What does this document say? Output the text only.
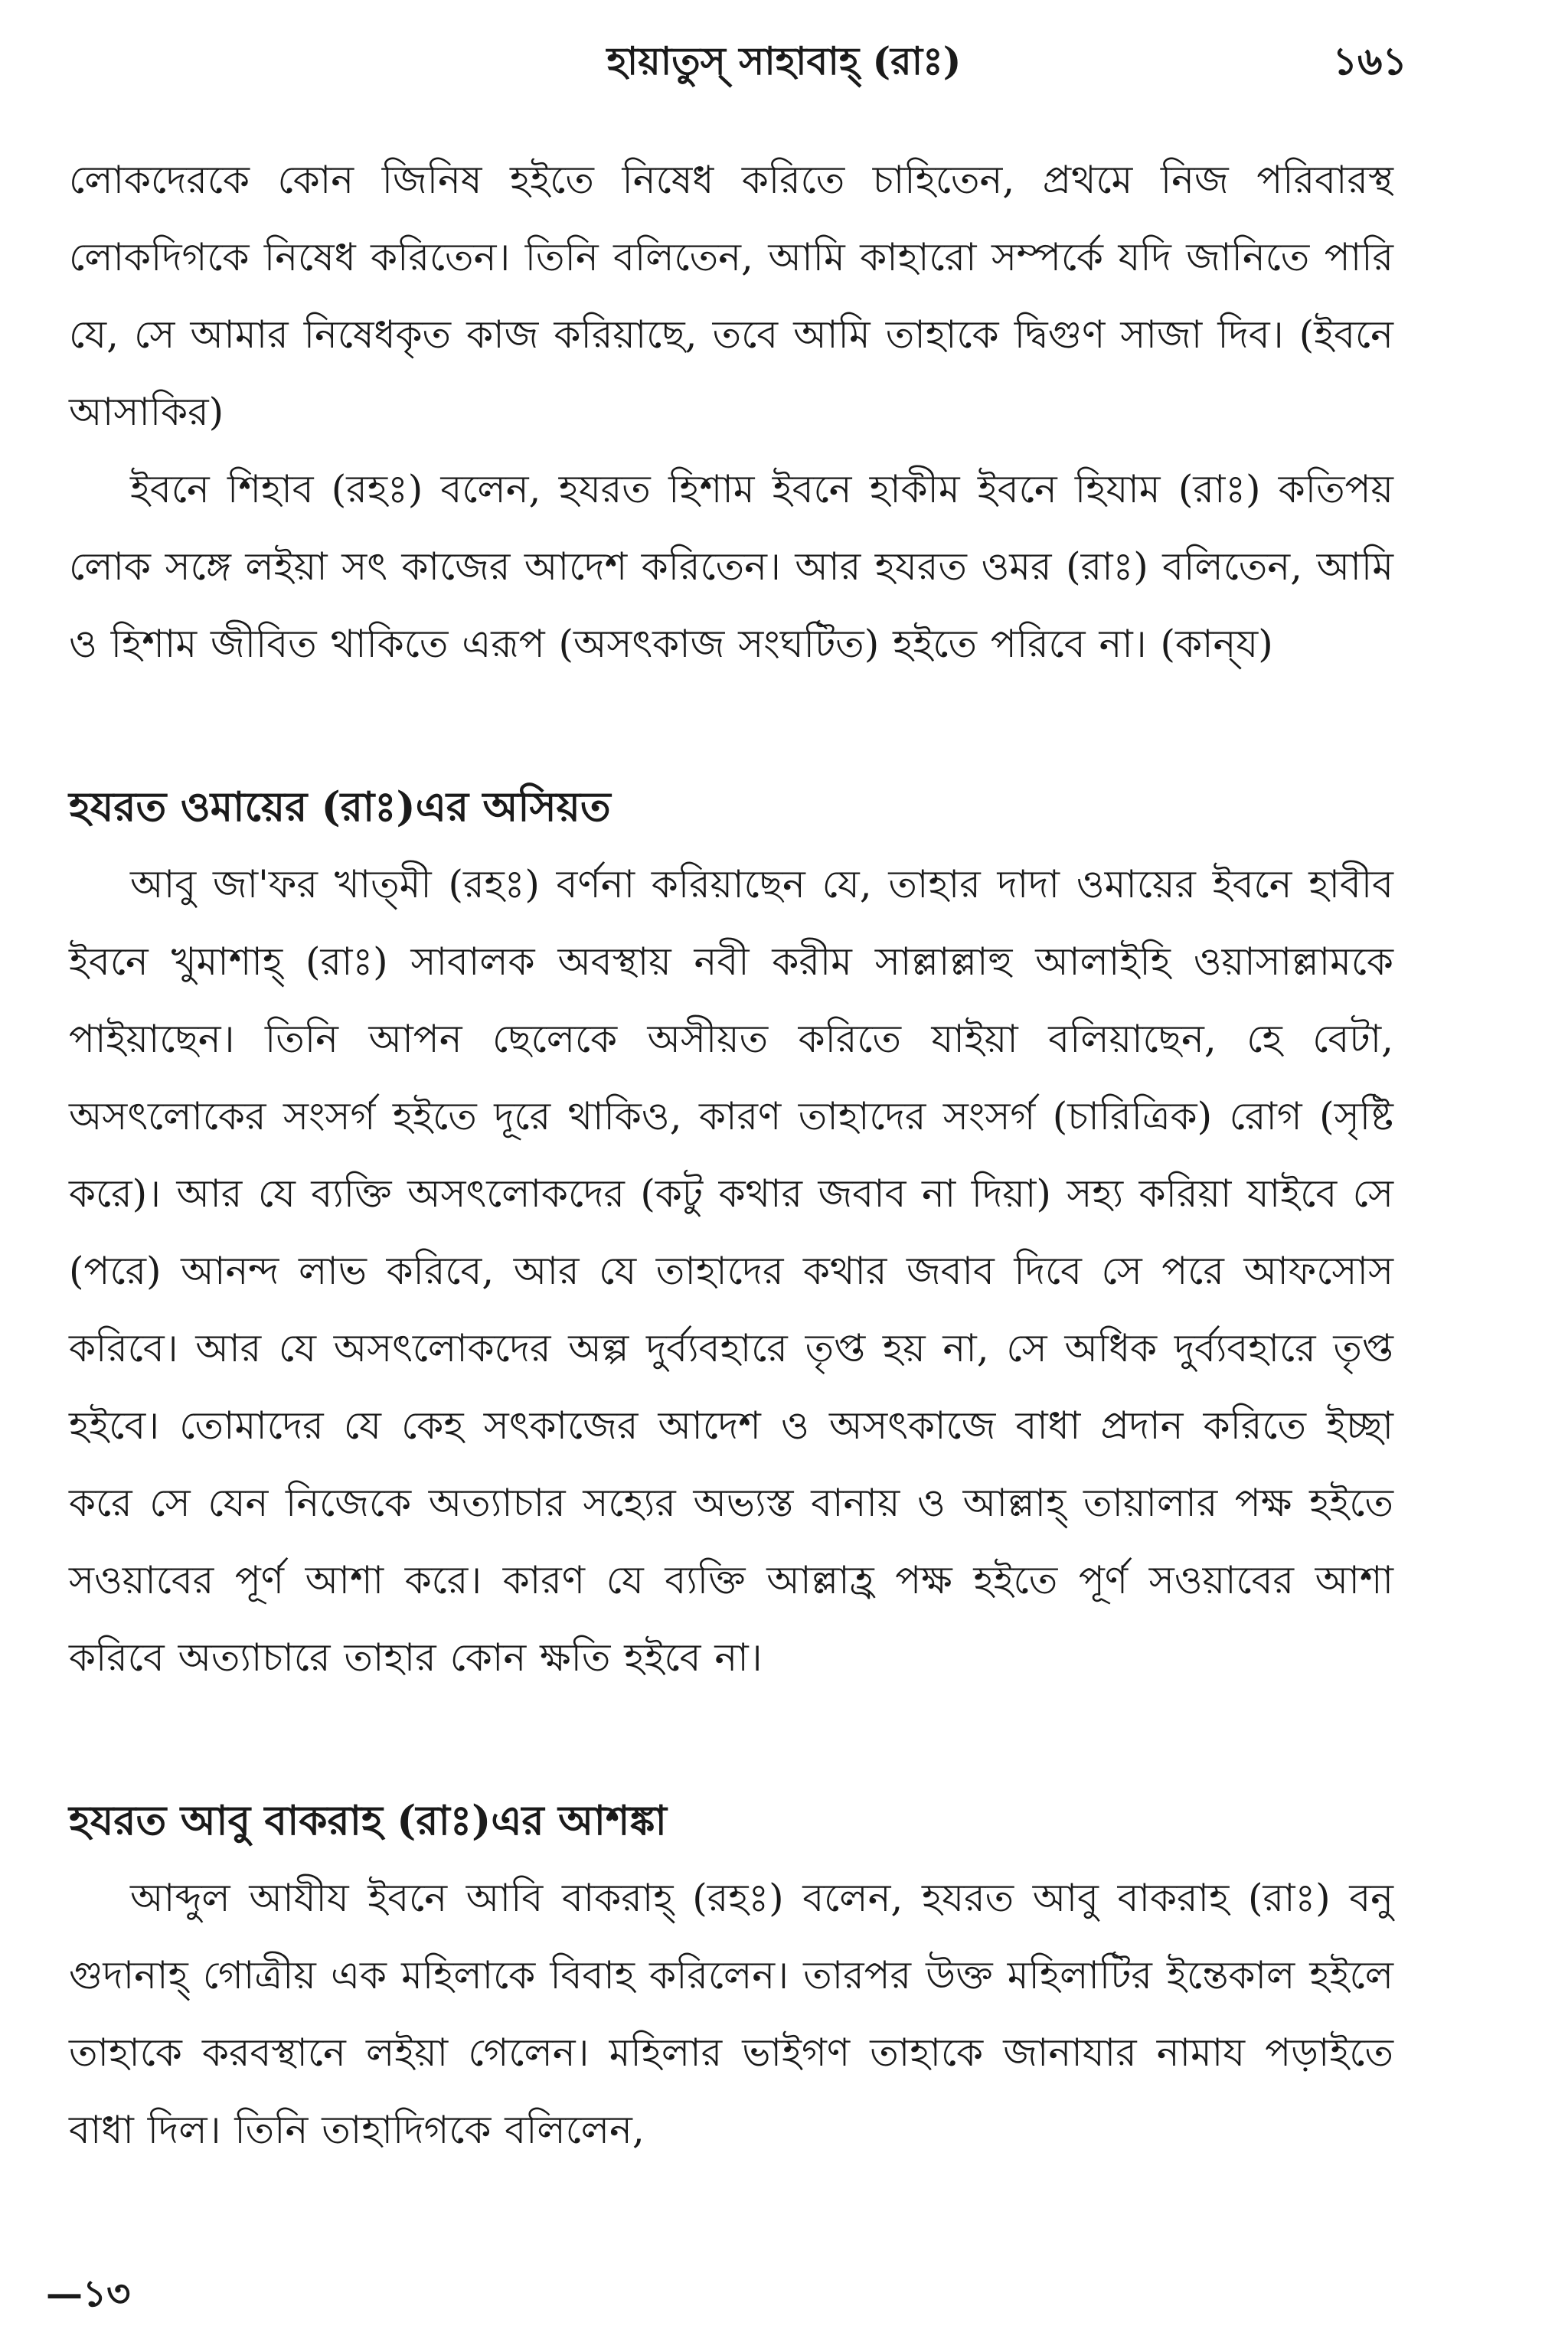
হায়াতুস্ সাহাবাহ্ (রাঃ)	১৬১

লোকদেরকে কোন জিনিষ হইতে নিষেধ করিতে চাহিতেন, প্রথমে নিজ পরিবারস্থ লোকদিগকে নিষেধ করিতেন। তিনি বলিতেন, আমি কাহারো সম্পর্কে যদি জানিতে পারি যে, সে আমার নিষেধকৃত কাজ করিয়াছে, তবে আমি তাহাকে দ্বিগুণ সাজা দিব। (ইবনে আসাকির)

ইবনে শিহাব (রহঃ) বলেন, হযরত হিশাম ইবনে হাকীম ইবনে হিযাম (রাঃ) কতিপয় লোক সঙ্গে লইয়া সৎ কাজের আদেশ করিতেন। আর হযরত ওমর (রাঃ) বলিতেন, আমি ও হিশাম জীবিত থাকিতে এরূপ (অসৎকাজ সংঘটিত) হইতে পরিবে না। (কান্‌য)

হযরত ওমায়ের (রাঃ)এর অসিয়ত

আবু জা'ফর খাত্‌মী (রহঃ) বর্ণনা করিয়াছেন যে, তাহার দাদা ওমায়ের ইবনে হাবীব ইবনে খুমাশাহ্ (রাঃ) সাবালক অবস্থায় নবী করীম সাল্লাল্লাহু আলাইহি ওয়াসাল্লামকে পাইয়াছেন। তিনি আপন ছেলেকে অসীয়ত করিতে যাইয়া বলিয়াছেন, হে বেটা, অসৎলোকের সংসর্গ হইতে দূরে থাকিও, কারণ তাহাদের সংসর্গ (চারিত্রিক) রোগ (সৃষ্টি করে)। আর যে ব্যক্তি অসৎলোকদের (কটু কথার জবাব না দিয়া) সহ্য করিয়া যাইবে সে (পরে) আনন্দ লাভ করিবে, আর যে তাহাদের কথার জবাব দিবে সে পরে আফসোস করিবে। আর যে অসৎলোকদের অল্প দুর্ব্যবহারে তৃপ্ত হয় না, সে অধিক দুর্ব্যবহারে তৃপ্ত হইবে। তোমাদের যে কেহ সৎকাজের আদেশ ও অসৎকাজে বাধা প্রদান করিতে ইচ্ছা করে সে যেন নিজেকে অত্যাচার সহ্যের অভ্যস্ত বানায় ও আল্লাহ্ তায়ালার পক্ষ হইতে সওয়াবের পূর্ণ আশা করে। কারণ যে ব্যক্তি আল্লাহ্র পক্ষ হইতে পূর্ণ সওয়াবের আশা করিবে অত্যাচারে তাহার কোন ক্ষতি হইবে না।

হযরত আবু বাকরাহ (রাঃ)এর আশঙ্কা

আব্দুল আযীয ইবনে আবি বাকরাহ্ (রহঃ) বলেন, হযরত আবু বাকরাহ (রাঃ) বনু গুদানাহ্ গোত্রীয় এক মহিলাকে বিবাহ করিলেন। তারপর উক্ত মহিলাটির ইন্তেকাল হইলে তাহাকে করবস্থানে লইয়া গেলেন। মহিলার ভাইগণ তাহাকে জানাযার নামায পড়াইতে বাধা দিল। তিনি তাহাদিগকে বলিলেন,

—১৩
